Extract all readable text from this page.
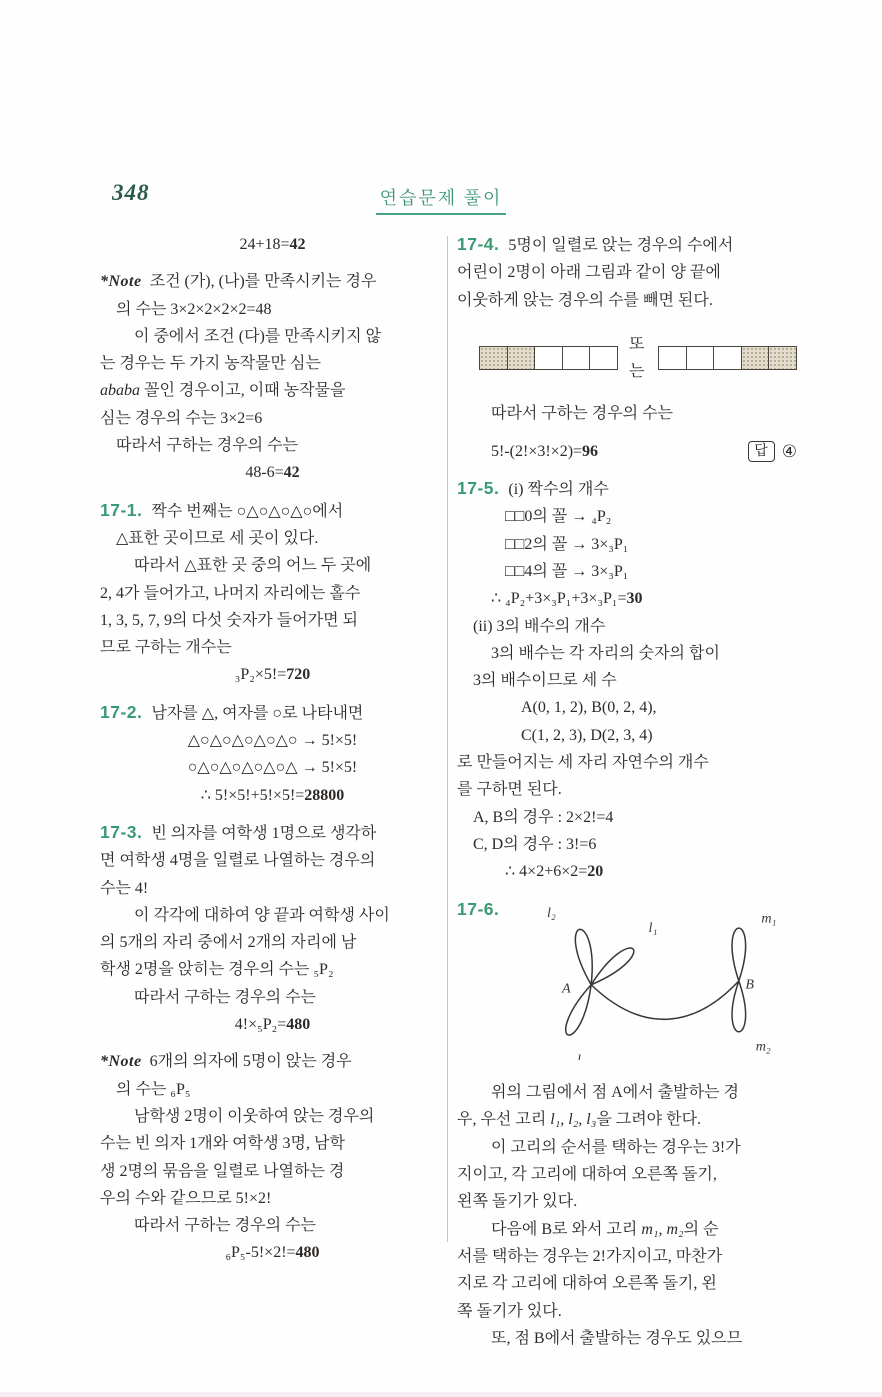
348	연습문제 풀이
24+18=42
*Note 조건 (가), (나)를 만족시키는 경우
의 수는 3×2×2×2×2=48
이 중에서 조건 (다)를 만족시키지 않
는 경우는 두 가지 농작물만 심는
ababa 꼴인 경우이고, 이때 농작물을
심는 경우의 수는 3×2=6
따라서 구하는 경우의 수는
48-6=42
17-1. 짝수 번째는 ○△○△○△○에서
△표한 곳이므로 세 곳이 있다.
따라서 △표한 곳 중의 어느 두 곳에
2, 4가 들어가고, 나머지 자리에는 홀수
1, 3, 5, 7, 9의 다섯 숫자가 들어가면 되
므로 구하는 개수는
₃P₂×5!=720
17-2. 남자를 △, 여자를 ○로 나타내면
△○△○△○△○△○ → 5!×5!
○△○△○△○△○△ → 5!×5!
∴ 5!×5!+5!×5!=28800
17-3. 빈 의자를 여학생 1명으로 생각하
면 여학생 4명을 일렬로 나열하는 경우의
수는 4!
이 각각에 대하여 양 끝과 여학생 사이
의 5개의 자리 중에서 2개의 자리에 남
학생 2명을 앉히는 경우의 수는 ₅P₂
따라서 구하는 경우의 수는
4!×₅P₂=480
*Note 6개의 의자에 5명이 앉는 경우
의 수는 ₆P₅
남학생 2명이 이웃하여 앉는 경우의
수는 빈 의자 1개와 여학생 3명, 남학
생 2명의 묶음을 일렬로 나열하는 경
우의 수와 같으므로 5!×2!
따라서 구하는 경우의 수는
₆P₅-5!×2!=480
17-4. 5명이 일렬로 앉는 경우의 수에서
어린이 2명이 아래 그림과 같이 양 끝에
이웃하게 앉는 경우의 수를 빼면 된다.
또는
따라서 구하는 경우의 수는
5!-(2!×3!×2)=96	답 ④
17-5. (i) 짝수의 개수
□□0의 꼴 → ₄P₂
□□2의 꼴 → 3×₃P₁
□□4의 꼴 → 3×₃P₁
∴ ₄P₂+3×₃P₁+3×₃P₁=30
(ii) 3의 배수의 개수
3의 배수는 각 자리의 숫자의 합이
3의 배수이므로 세 수
A(0, 1, 2), B(0, 2, 4),
C(1, 2, 3), D(2, 3, 4)
로 만들어지는 세 자리 자연수의 개수
를 구하면 된다.
A, B의 경우 : 2×2!=4
C, D의 경우 : 3!=6
∴ 4×2+6×2=20
17-6.	l₂
l₁
l₃
A	B
m₁
m₂
위의 그림에서 점 A에서 출발하는 경
우, 우선 고리 l₁, l₂, l₃을 그려야 한다.
이 고리의 순서를 택하는 경우는 3!가
지이고, 각 고리에 대하여 오른쪽 돌기,
왼쪽 돌기가 있다.
다음에 B로 와서 고리 m₁, m₂의 순
서를 택하는 경우는 2!가지이고, 마찬가
지로 각 고리에 대하여 오른쪽 돌기, 왼
쪽 돌기가 있다.
또, 점 B에서 출발하는 경우도 있으므
